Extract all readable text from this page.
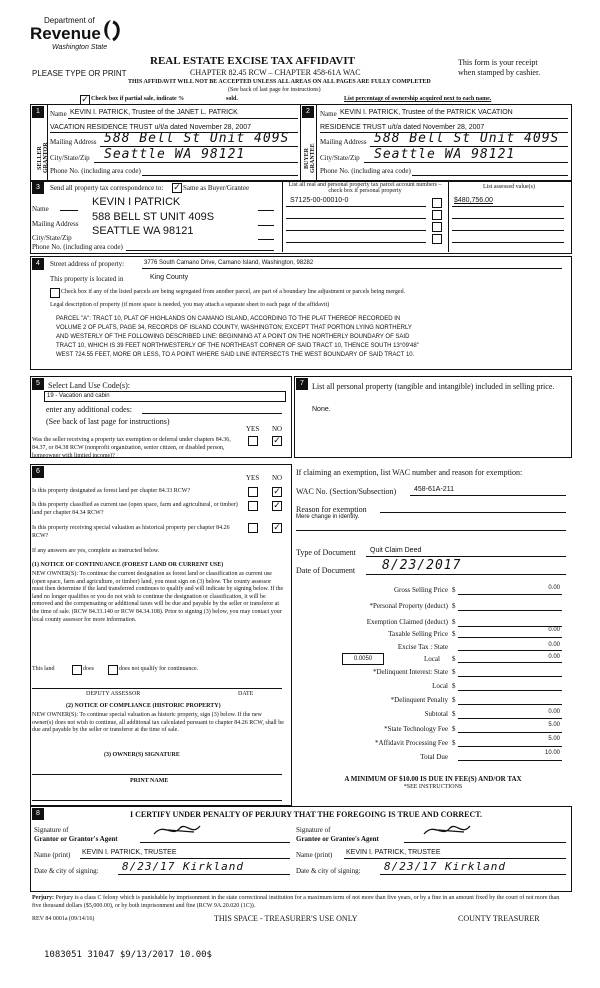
Department of
Revenue
Washington State
PLEASE TYPE OR PRINT
REAL ESTATE EXCISE TAX AFFIDAVIT
CHAPTER 82.45 RCW – CHAPTER 458-61A WAC
THIS AFFIDAVIT WILL NOT BE ACCEPTED UNLESS ALL AREAS ON ALL PAGES ARE FULLY COMPLETED
(See back of last page for instructions)
This form is your receipt
when stamped by cashier.
✓ Check box if partial sale, indicate %	sold.	List percentage of ownership acquired next to each name.
1
SELLER GRANTOR
Name KEVIN I. PATRICK, Trustee of the JANET L. PATRICK
VACATION RESIDENCE TRUST u/t/a dated November 28, 2007
Mailing Address 588 Bell St Unit 409S
City/State/Zip Seattle WA 98121
Phone No. (including area code)
2
BUYER GRANTEE
Name KEVIN I. PATRICK, Trustee of the PATRICK VACATION
RESIDENCE TRUST u/t/a dated November 28, 2007
Mailing Address 588 Bell St Unit 409S
City/State/Zip Seattle WA 98121
Phone No. (including area code)
3	Send all property tax correspondence to: ✓ Same as Buyer/Grantee
Name
KEVIN I PATRICK
Mailing Address
588 BELL ST UNIT 409S
City/State/Zip
SEATTLE WA 98121
Phone No. (including area code)
List all real and personal property tax parcel account numbers – check box if personal property
List assessed value(s)
S7125-00-00010-0	$480,756.00
4	Street address of property:	3776 South Camano Drive, Camano Island, Washington, 98282
This property is located in	King County
Check box if any of the listed parcels are being segregated from another parcel, are part of a boundary line adjustment or parcels being merged.
Legal description of property (if more space is needed, you may attach a separate sheet to each page of the affidavit)
PARCEL "A": TRACT 10, PLAT OF HIGHLANDS ON CAMANO ISLAND, ACCORDING TO THE PLAT THEREOF RECORDED IN
VOLUME 2 OF PLATS, PAGE 34, RECORDS OF ISLAND COUNTY, WASHINGTON; EXCEPT THAT PORTION LYING NORTHERLY
AND WESTERLY OF THE FOLLOWING DESCRIBED LINE: BEGINNING AT A POINT ON THE NORTHERLY BOUNDARY OF SAID
TRACT 10, WHICH IS 39 FEET NORTHWESTERLY OF THE NORTHEAST CORNER OF SAID TRACT 10, THENCE SOUTH 13°09'48"
WEST 724.55 FEET, MORE OR LESS, TO A POINT WHERE SAID LINE INTERSECTS THE WEST BOUNDARY OF SAID TRACT 10.
5	Select Land Use Code(s):
19 - Vacation and cabin
enter any additional codes:
(See back of last page for instructions)
YES NO
Was the seller receiving a property tax exemption or deferral under chapters 84.36, 84.37, or 84.38 RCW (nonprofit organization, senior citizen, or disabled person, homeowner with limited income)?
✓
7	List all personal property (tangible and intangible) included in selling price.
None.
6
YES NO
Is this property designated as forest land per chapter 84.33 RCW?	✓
Is this property classified as current use (open space, farm and agricultural, or timber) land per chapter 84.34 RCW?
✓
Is this property receiving special valuation as historical property per chapter 84.26 RCW?
✓
If any answers are yes, complete as instructed below.
(1) NOTICE OF CONTINUANCE (FOREST LAND OR CURRENT USE)
NEW OWNER(S): To continue the current designation as forest land or classification as current use (open space, farm and agriculture, or timber) land, you must sign on (3) below. The county assessor must then determine if the land transferred continues to qualify and will indicate by signing below. If the land no longer qualifies or you do not wish to continue the designation or classification, it will be removed and the compensating or additional taxes will be due and payable by the seller or transferor at the time of sale. (RCW 84.33.140 or RCW 84.34.108). Prior to signing (3) below, you may contact your local county assessor for more information.
This land	does	does not qualify for continuance.
DEPUTY ASSESSOR	DATE
(2) NOTICE OF COMPLIANCE (HISTORIC PROPERTY)
NEW OWNER(S): To continue special valuation as historic property, sign (3) below. If the new owner(s) does not wish to continue, all additional tax calculated pursuant to chapter 84.26 RCW, shall be due and payable by the seller or transferor at the time of sale.
(3) OWNER(S) SIGNATURE
PRINT NAME
If claiming an exemption, list WAC number and reason for exemption:
WAC No. (Section/Subsection)	458-61A-211
Reason for exemption
Mere change in identity.
Type of Document Quit Claim Deed
Date of Document 8/23/2017
Gross Selling Price $	0.00
*Personal Property (deduct) $
Exemption Claimed (deduct) $
Taxable Selling Price $	0.00
Excise Tax : State	0.00
0.0050	Local $	0.00
*Delinquent Interest: State $
Local $
*Delinquent Penalty $
Subtotal $	0.00
*State Technology Fee $	5.00
*Affidavit Processing Fee $	5.00
Total Due	10.00
A MINIMUM OF $10.00 IS DUE IN FEE(S) AND/OR TAX
*SEE INSTRUCTIONS
8	I CERTIFY UNDER PENALTY OF PERJURY THAT THE FOREGOING IS TRUE AND CORRECT.
Signature of
Grantor or Grantor's Agent
Name (print) KEVIN I. PATRICK, TRUSTEE
Date & city of signing: 8/23/17 Kirkland
Signature of
Grantee or Grantee's Agent
Name (print) KEVIN I. PATRICK, TRUSTEE
Date & city of signing: 8/23/17 Kirkland
Perjury: Perjury is a class C felony which is punishable by imprisonment in the state correctional institution for a maximum term of not more than five years, or by a fine in an amount fixed by the court of not more than five thousand dollars ($5,000.00), or by both imprisonment and fine (RCW 9A.20.020 (1C)).
REV 84 0001a (09/14/16)	THIS SPACE - TREASURER'S USE ONLY	COUNTY TREASURER
1083051 31047 $9/13/2017 10.00$
